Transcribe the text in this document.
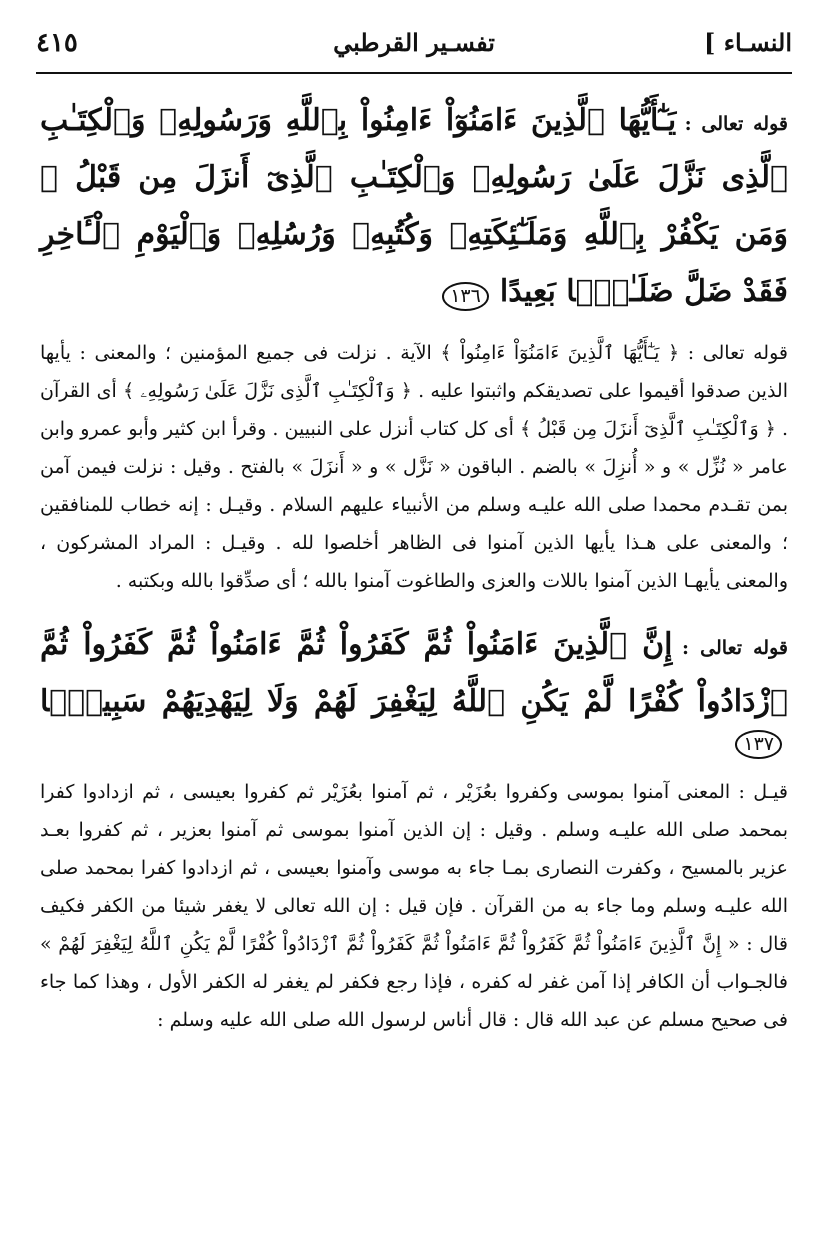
النسـاء ]
تفسـير القرطبي
٤١٥
قوله تعالى : يَـٰٓأَيُّهَا ٱلَّذِينَ ءَامَنُوٓاْ ءَامِنُواْ بِٱللَّهِ وَرَسُولِهِۦ وَٱلْكِتَـٰبِ ٱلَّذِى نَزَّلَ عَلَىٰ رَسُولِهِۦ وَٱلْكِتَـٰبِ ٱلَّذِىٓ أَنزَلَ مِن قَبْلُ ۚ وَمَن يَكْفُرْ بِٱللَّهِ وَمَلَـٰٓئِكَتِهِۦ وَكُتُبِهِۦ وَرُسُلِهِۦ وَٱلْيَوْمِ ٱلْـَٔاخِرِ فَقَدْ ضَلَّ ضَلَـٰلًۢا بَعِيدًا ١٣٦

قوله تعالى : ﴿ يَـٰٓأَيُّهَا ٱلَّذِينَ ءَامَنُوٓاْ ءَامِنُواْ ﴾ الآية . نزلت فى جميع المؤمنين ؛ والمعنى : يأيها الذين صدقوا أقيموا على تصديقكم واثبتوا عليه . ﴿ وَٱلْكِتَـٰبِ ٱلَّذِى نَزَّلَ عَلَىٰ رَسُولِهِۦ ﴾ أى القرآن . ﴿ وَٱلْكِتَـٰبِ ٱلَّذِىٓ أَنزَلَ مِن قَبْلُ ﴾ أى كل كتاب أنزل على النبيين . وقرأ ابن كثير وأبو عمرو وابن عامر « نُزِّل » و « أُنزِلَ » بالضم . الباقون « نَزَّل » و « أَنزَلَ » بالفتح . وقيل : نزلت فيمن آمن بمن تقـدم محمدا صلى الله عليـه وسلم من الأنبياء عليهم السلام . وقيـل : إنه خطاب للمنافقين ؛ والمعنى على هـذا يأيها الذين آمنوا فى الظاهر أخلصوا لله . وقيـل : المراد المشركون ، والمعنى يأيهـا الذين آمنوا باللات والعزى والطاغوت آمنوا بالله ؛ أى صدِّقوا بالله وبكتبه .

قوله تعالى : إِنَّ ٱلَّذِينَ ءَامَنُواْ ثُمَّ كَفَرُواْ ثُمَّ ءَامَنُواْ ثُمَّ كَفَرُواْ ثُمَّ ٱزْدَادُواْ كُفْرًا لَّمْ يَكُنِ ٱللَّهُ لِيَغْفِرَ لَهُمْ وَلَا لِيَهْدِيَهُمْ سَبِيلًۢا ١٣٧

قيـل : المعنى آمنوا بموسى وكفروا بعُزَيْر ، ثم آمنوا بعُزَيْر ثم كفروا بعيسى ، ثم ازدادوا كفرا بمحمد صلى الله عليـه وسلم . وقيل : إن الذين آمنوا بموسى ثم آمنوا بعزير ، ثم كفروا بعـد عزير بالمسيح ، وكفرت النصارى بمـا جاء به موسى وآمنوا بعيسى ، ثم ازدادوا كفرا بمحمد صلى الله عليـه وسلم وما جاء به من القرآن . فإن قيل : إن الله تعالى لا يغفر شيئا من الكفر فكيف قال : « إِنَّ ٱلَّذِينَ ءَامَنُواْ ثُمَّ كَفَرُواْ ثُمَّ ءَامَنُواْ ثُمَّ كَفَرُواْ ثُمَّ ٱزْدَادُواْ كُفْرًا لَّمْ يَكُنِ ٱللَّهُ لِيَغْفِرَ لَهُمْ » فالجـواب أن الكافر إذا آمن غفر له كفره ، فإذا رجع فكفر لم يغفر له الكفر الأول ، وهذا كما جاء فى صحيح مسلم عن عبد الله قال : قال أناس لرسول الله صلى الله عليه وسلم :
